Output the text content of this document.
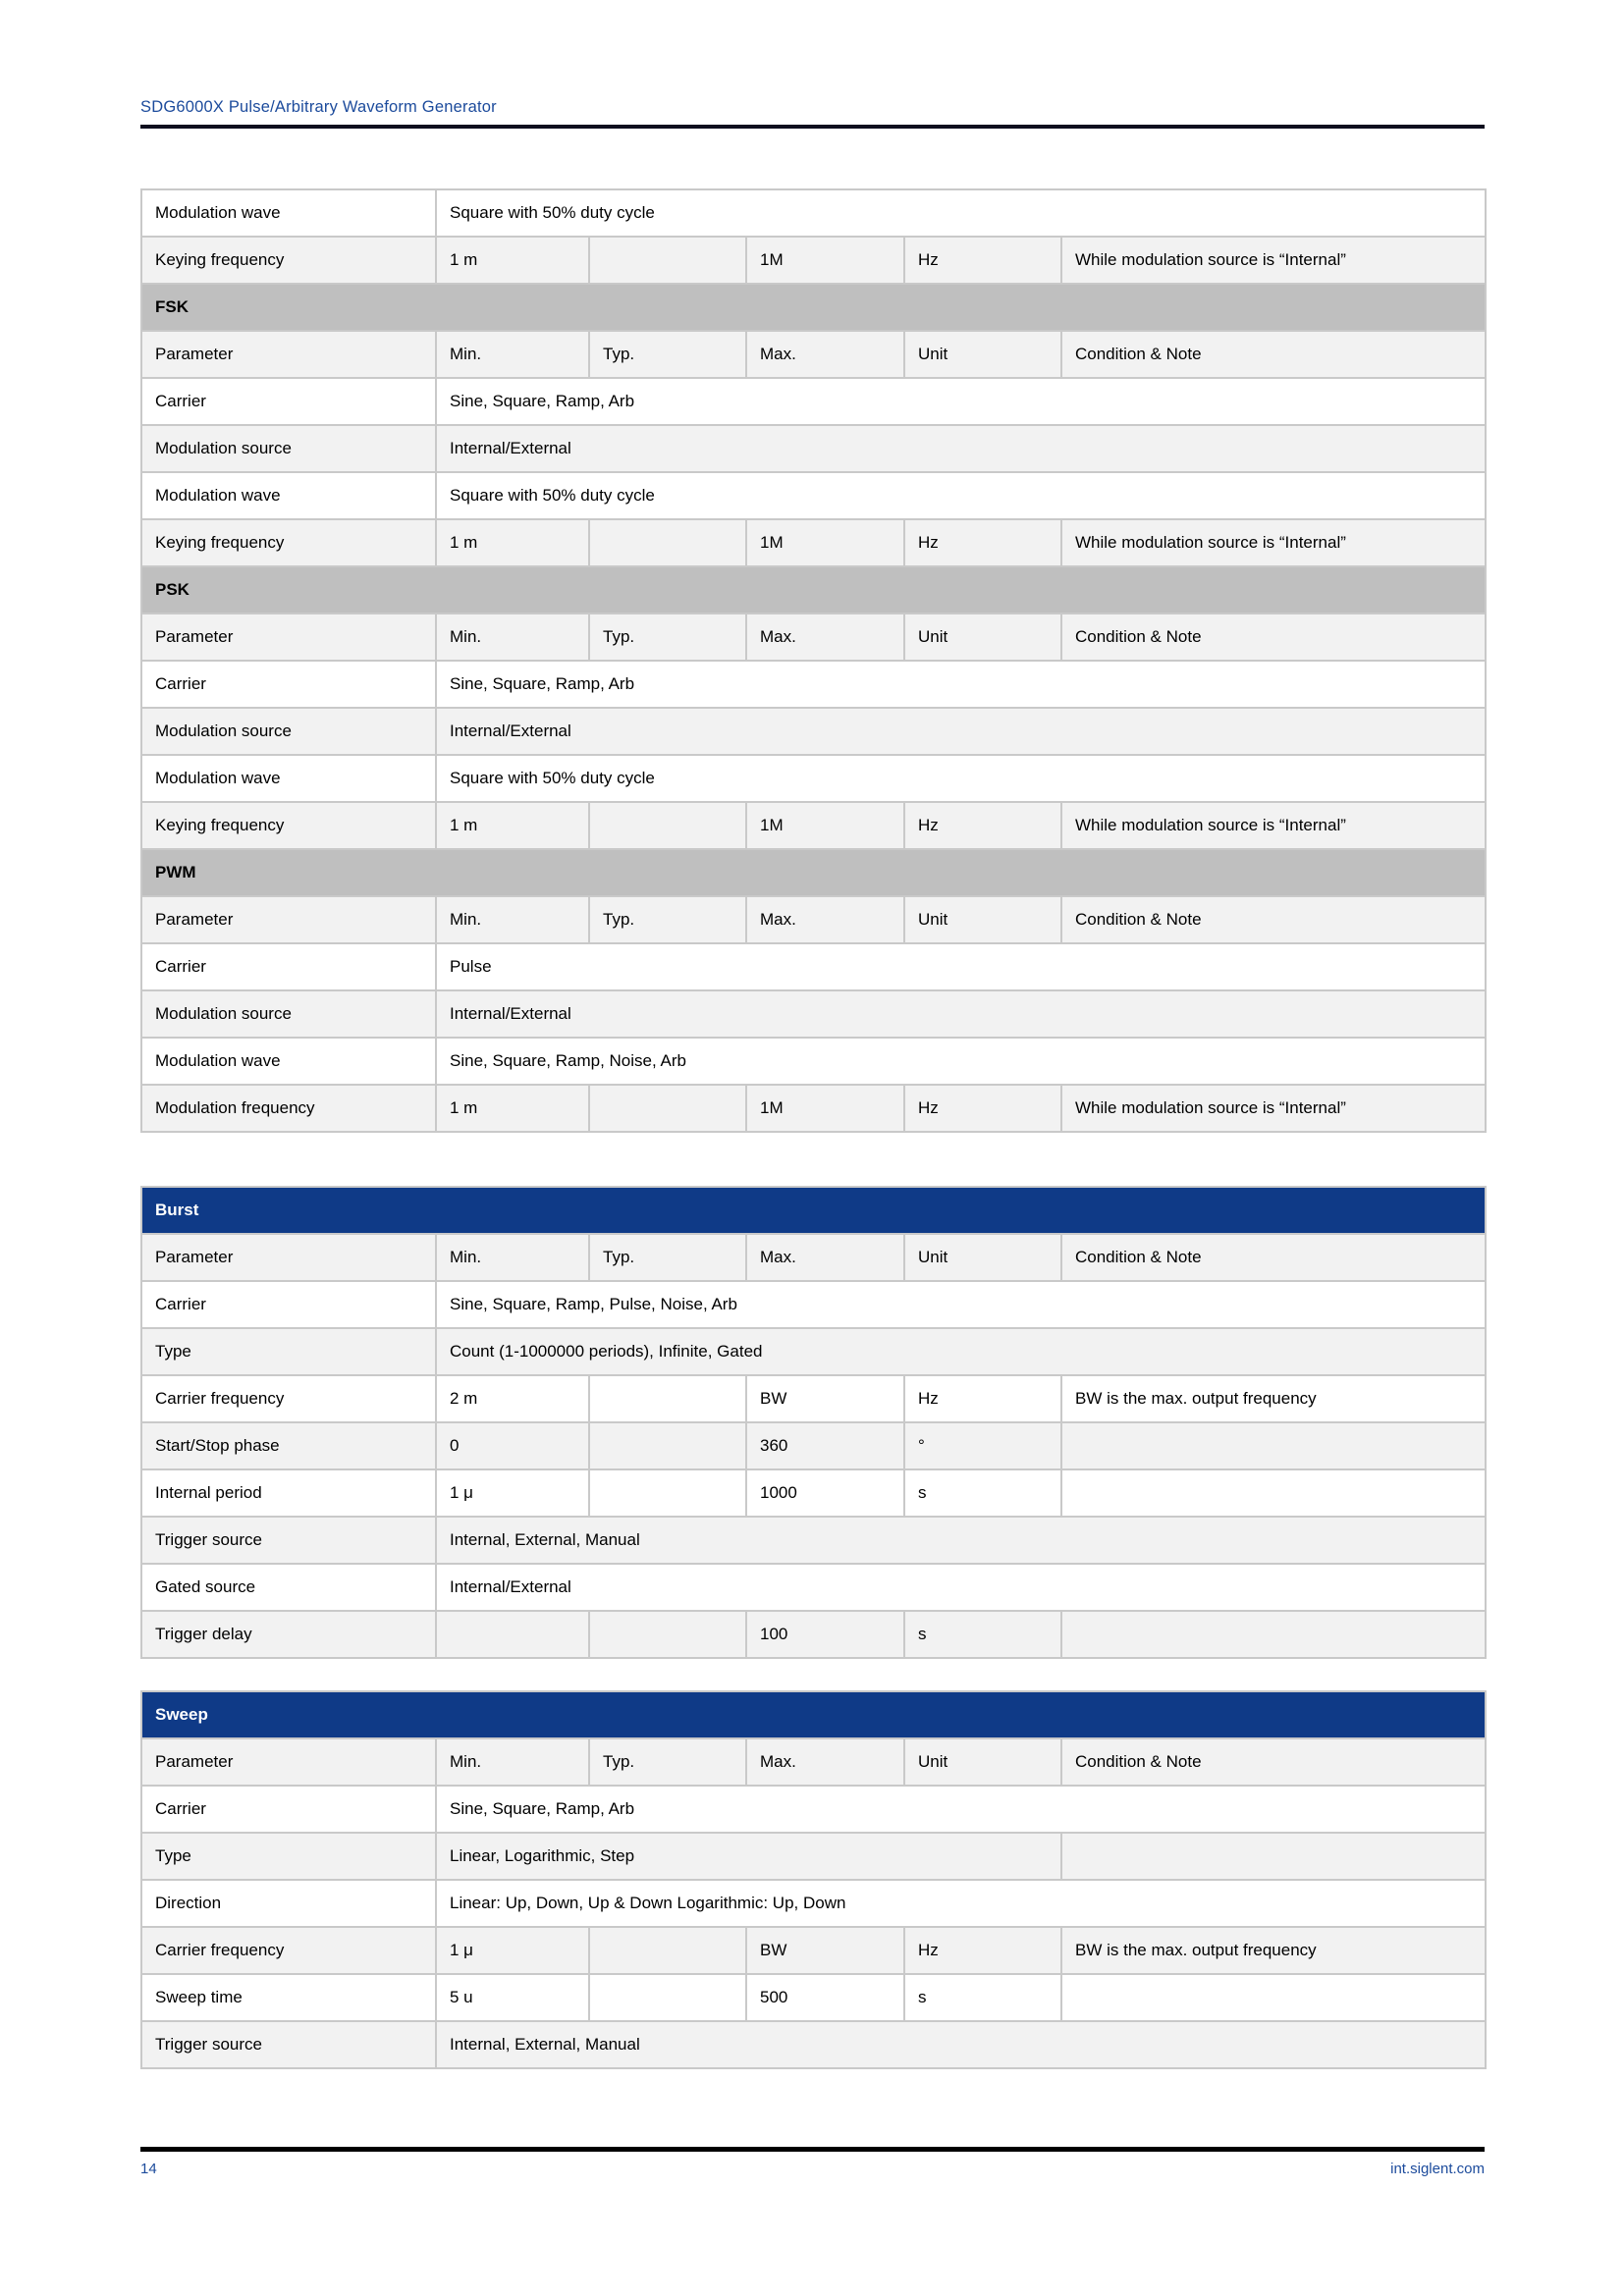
SDG6000X Pulse/Arbitrary Waveform Generator
Modulation wave	Square with 50% duty cycle				
Keying frequency	1 m		1M	Hz	While modulation source is “Internal”
FSK					
Parameter	Min.	Typ.	Max.	Unit	Condition & Note
Carrier	Sine, Square, Ramp, Arb				
Modulation source	Internal/External				
Modulation wave	Square with 50% duty cycle				
Keying frequency	1 m		1M	Hz	While modulation source is “Internal”
PSK					
Parameter	Min.	Typ.	Max.	Unit	Condition & Note
Carrier	Sine, Square, Ramp, Arb				
Modulation source	Internal/External				
Modulation wave	Square with 50% duty cycle				
Keying frequency	1 m		1M	Hz	While modulation source is “Internal”
PWM					
Parameter	Min.	Typ.	Max.	Unit	Condition & Note
Carrier	Pulse				
Modulation source	Internal/External				
Modulation wave	Sine, Square, Ramp, Noise, Arb				
Modulation frequency	1 m		1M	Hz	While modulation source is “Internal”
Burst					
Parameter	Min.	Typ.	Max.	Unit	Condition & Note
Carrier	Sine, Square, Ramp, Pulse, Noise, Arb				
Type	Count (1-1000000 periods), Infinite, Gated				
Carrier frequency	2 m		BW	Hz	BW is the max. output frequency
Start/Stop phase	0		360	°	
Internal period	1 μ		1000	s	
Trigger source	Internal, External, Manual				
Gated source	Internal/External				
Trigger delay			100	s	
Sweep					
Parameter	Min.	Typ.	Max.	Unit	Condition & Note
Carrier	Sine, Square, Ramp, Arb				
Type	Linear, Logarithmic, Step				
Direction	Linear: Up, Down, Up & Down Logarithmic: Up, Down				
Carrier frequency	1 μ		BW	Hz	BW is the max. output frequency
Sweep time	5 u		500	s	
Trigger source	Internal, External, Manual				
14	int.siglent.com
